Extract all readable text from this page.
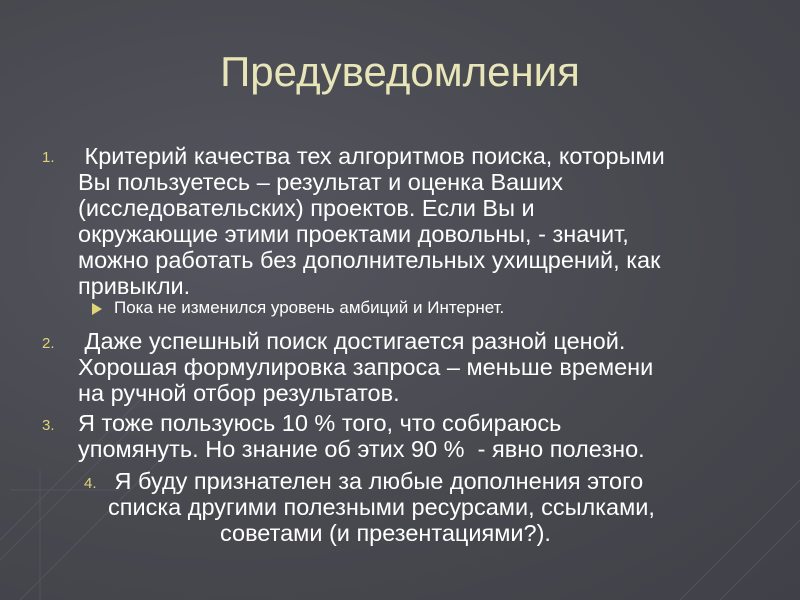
Предуведомления
1. Критерий качества тех алгоритмов поиска, которыми
Вы пользуетесь – результат и оценка Ваших
(исследовательских) проектов. Если Вы и
окружающие этими проектами довольны, - значит,
можно работать без дополнительных ухищрений, как
привыкли.
Пока не изменился уровень амбиций и Интернет.
2. Даже успешный поиск достигается разной ценой.
Хорошая формулировка запроса – меньше времени
на ручной отбор результатов.
3. Я тоже пользуюсь 10 % того, что собираюсь
упомянуть. Но знание об этих 90 %  - явно полезно.
4. Я буду признателен за любые дополнения этого
списка другими полезными ресурсами, ссылками,
советами (и презентациями?).
